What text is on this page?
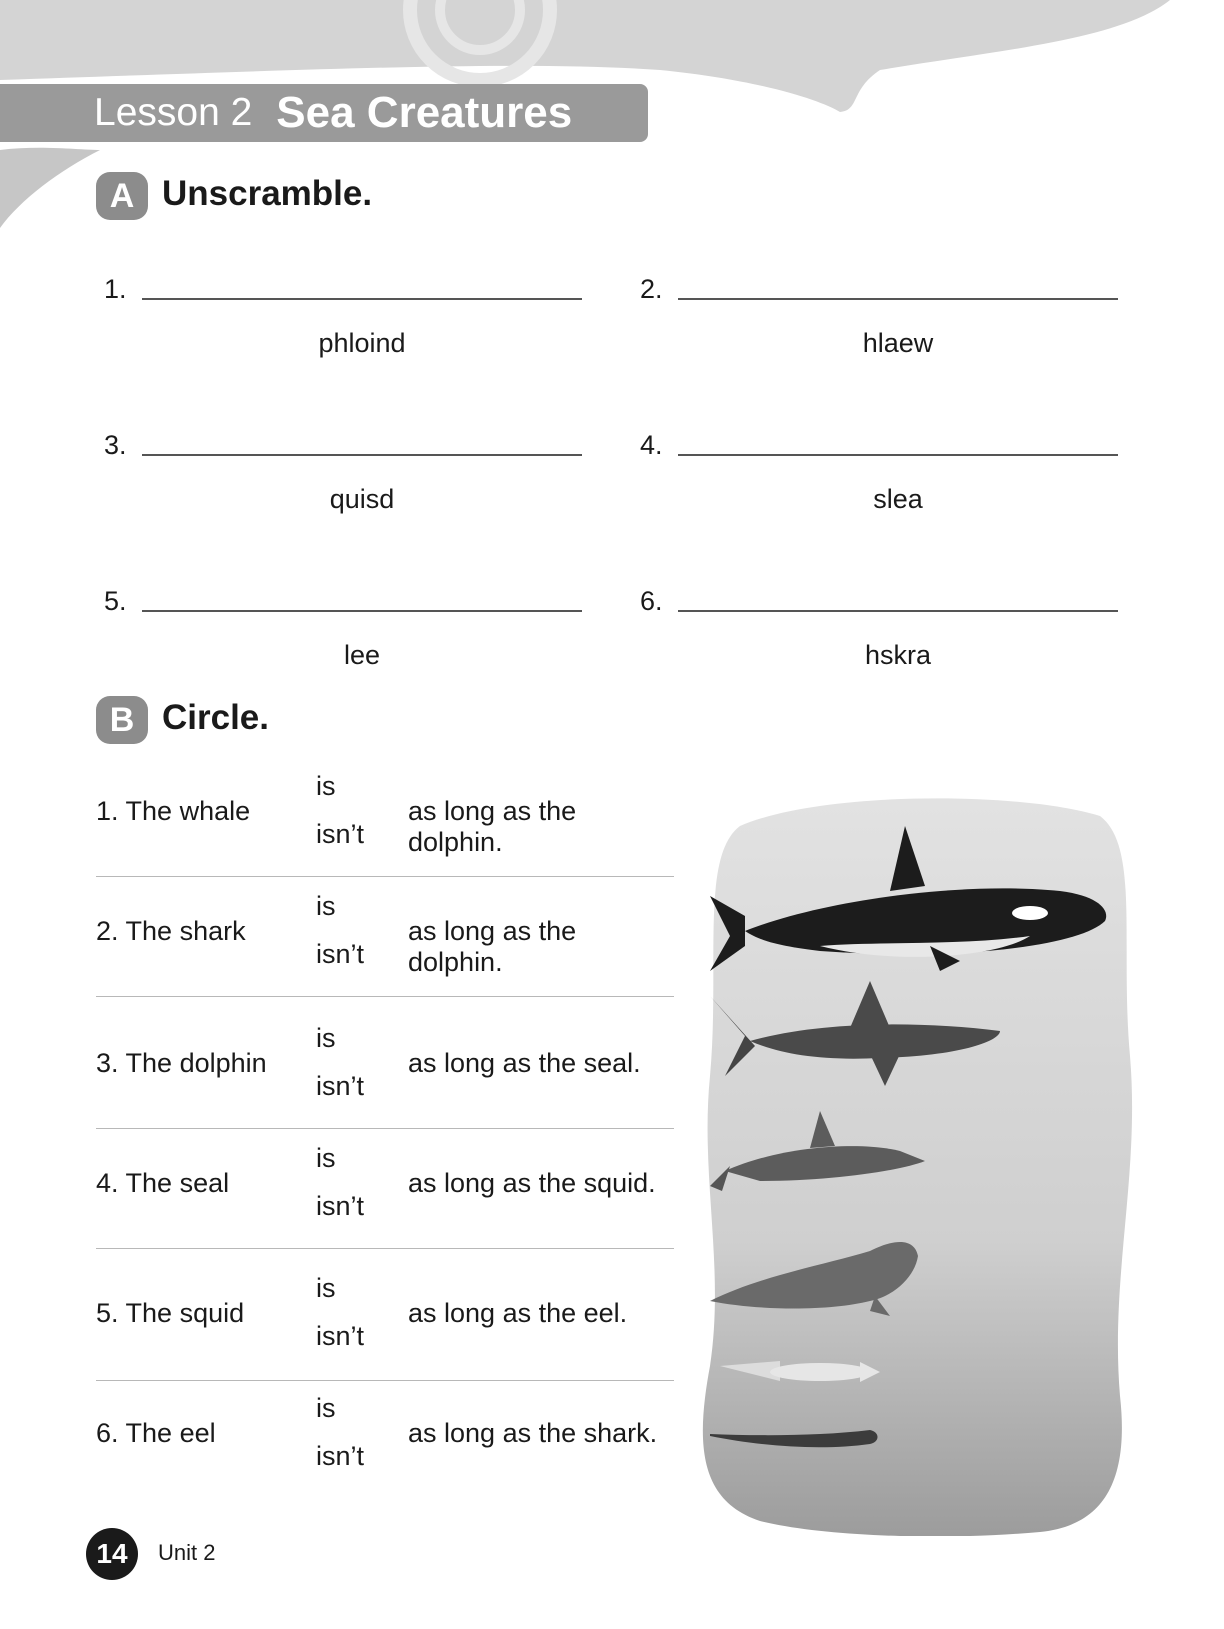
Lesson 2 Sea Creatures
A Unscramble.
1.
phloind
2.
hlaew
3.
quisd
4.
slea
5.
lee
6.
hskra
B Circle.
1. The whale
is
isn’t
as long as the dolphin.
2. The shark
is
isn’t
as long as the dolphin.
3. The dolphin
is
isn’t
as long as the seal.
4. The seal
is
isn’t
as long as the squid.
5. The squid
is
isn’t
as long as the eel.
6. The eel
is
isn’t
as long as the shark.
14	Unit 2
